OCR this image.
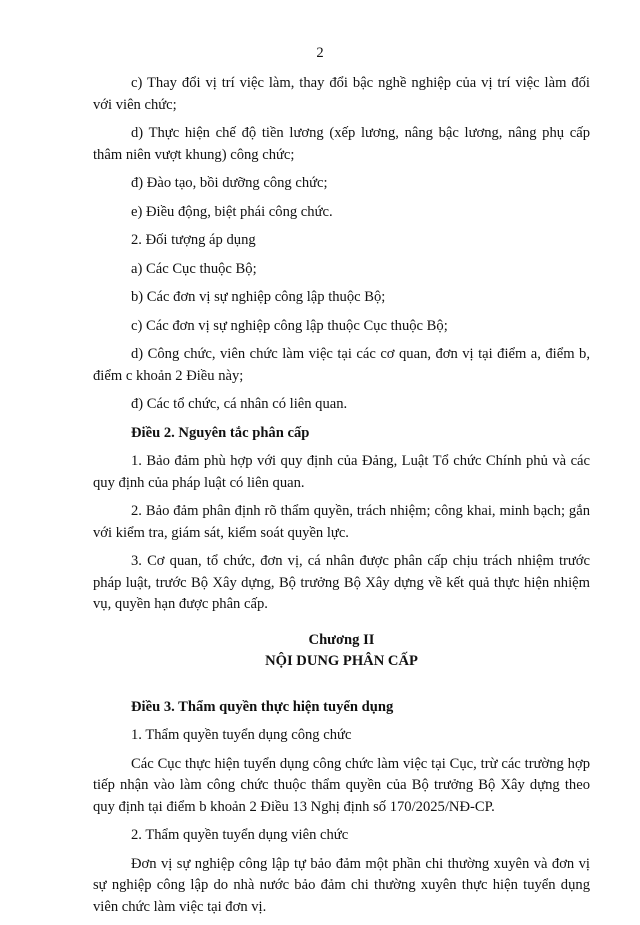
2

c) Thay đổi vị trí việc làm, thay đổi bậc nghề nghiệp của vị trí việc làm đối với viên chức;

d) Thực hiện chế độ tiền lương (xếp lương, nâng bậc lương, nâng phụ cấp thâm niên vượt khung) công chức;

đ) Đào tạo, bồi dưỡng công chức;

e) Điều động, biệt phái công chức.

2. Đối tượng áp dụng

a) Các Cục thuộc Bộ;

b) Các đơn vị sự nghiệp công lập thuộc Bộ;

c) Các đơn vị sự nghiệp công lập thuộc Cục thuộc Bộ;

d) Công chức, viên chức làm việc tại các cơ quan, đơn vị tại điểm a, điểm b, điểm c khoản 2 Điều này;

đ) Các tổ chức, cá nhân có liên quan.

Điều 2. Nguyên tắc phân cấp

1. Bảo đảm phù hợp với quy định của Đảng, Luật Tổ chức Chính phủ và các quy định của pháp luật có liên quan.

2. Bảo đảm phân định rõ thẩm quyền, trách nhiệm; công khai, minh bạch; gắn với kiểm tra, giám sát, kiểm soát quyền lực.

3. Cơ quan, tổ chức, đơn vị, cá nhân được phân cấp chịu trách nhiệm trước pháp luật, trước Bộ Xây dựng, Bộ trưởng Bộ Xây dựng về kết quả thực hiện nhiệm vụ, quyền hạn được phân cấp.

Chương II
NỘI DUNG PHÂN CẤP

Điều 3. Thẩm quyền thực hiện tuyển dụng

1. Thẩm quyền tuyển dụng công chức

Các Cục thực hiện tuyển dụng công chức làm việc tại Cục, trừ các trường hợp tiếp nhận vào làm công chức thuộc thẩm quyền của Bộ trưởng Bộ Xây dựng theo quy định tại điểm b khoản 2 Điều 13 Nghị định số 170/2025/NĐ-CP.

2. Thẩm quyền tuyển dụng viên chức

Đơn vị sự nghiệp công lập tự bảo đảm một phần chi thường xuyên và đơn vị sự nghiệp công lập do nhà nước bảo đảm chi thường xuyên thực hiện tuyển dụng viên chức làm việc tại đơn vị.
